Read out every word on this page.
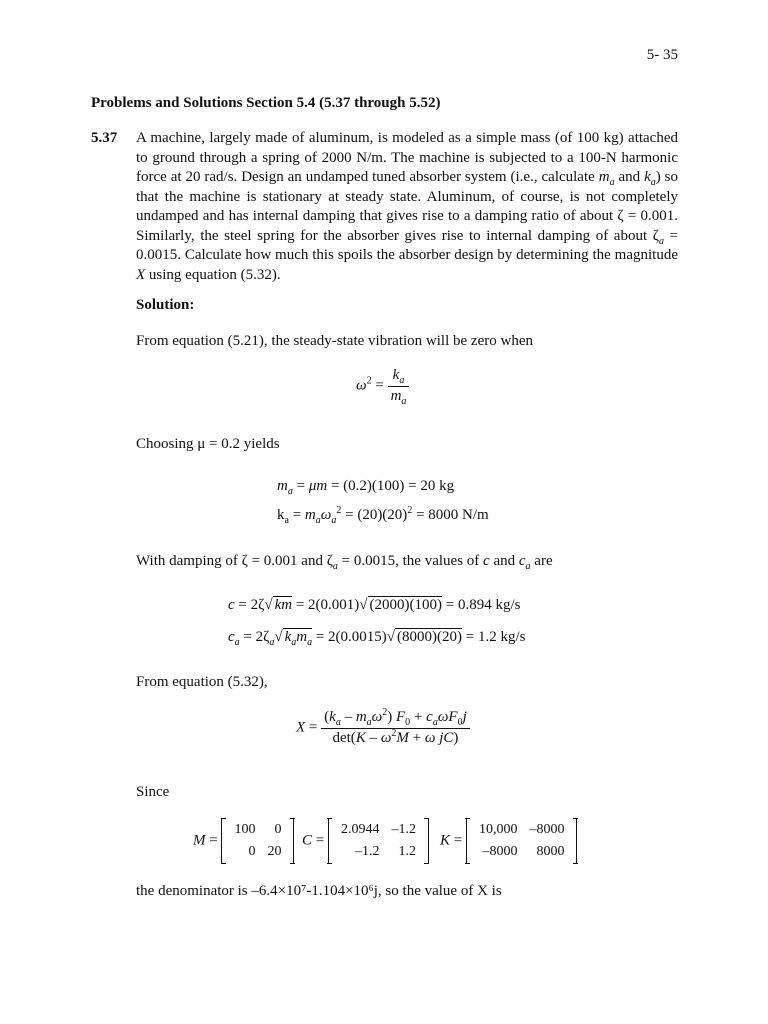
5- 35
Problems and Solutions Section 5.4 (5.37 through 5.52)
5.37 A machine, largely made of aluminum, is modeled as a simple mass (of 100 kg) attached to ground through a spring of 2000 N/m. The machine is subjected to a 100-N harmonic force at 20 rad/s. Design an undamped tuned absorber system (i.e., calculate $m_a$ and $k_a$) so that the machine is stationary at steady state. Aluminum, of course, is not completely undamped and has internal damping that gives rise to a damping ratio of about ζ = 0.001. Similarly, the steel spring for the absorber gives rise to internal damping of about $\zeta_a = 0.0015$. Calculate how much this spoils the absorber design by determining the magnitude X using equation (5.32).
Solution:
From equation (5.21), the steady-state vibration will be zero when
$\omega^2 = \frac{k_a}{m_a}$
Choosing μ = 0.2 yields
$m_a = \mu m = (0.2)(100) = 20$ kg
$k_a = m_a\omega_a^2 = (20)(20)^2 = 8000$ N/m
With damping of ζ = 0.001 and $\zeta_a = 0.0015$, the values of c and $c_a$ are
c = 2ζ√ km = 2(0.001)√ (2000)(100) = 0.894 kg/s
$c_a = 2\zeta_a√$ $k_am_a = 2(0.0015)√$ (8000)(20) = 1.2 kg/s
From equation (5.32),
$X = \frac{(k_a - m_a\omega^2) F_0 + c_a\omega F_0j}{\det(K - \omega^2M + \omega jC)}$
Since
M =
100	0
0	20
C =
2.0944	–1.2
–1.2	1.2
K =
10,000	–8000
–8000	8000
the denominator is –6.4×10⁷-1.104×10⁶j, so the value of X is
